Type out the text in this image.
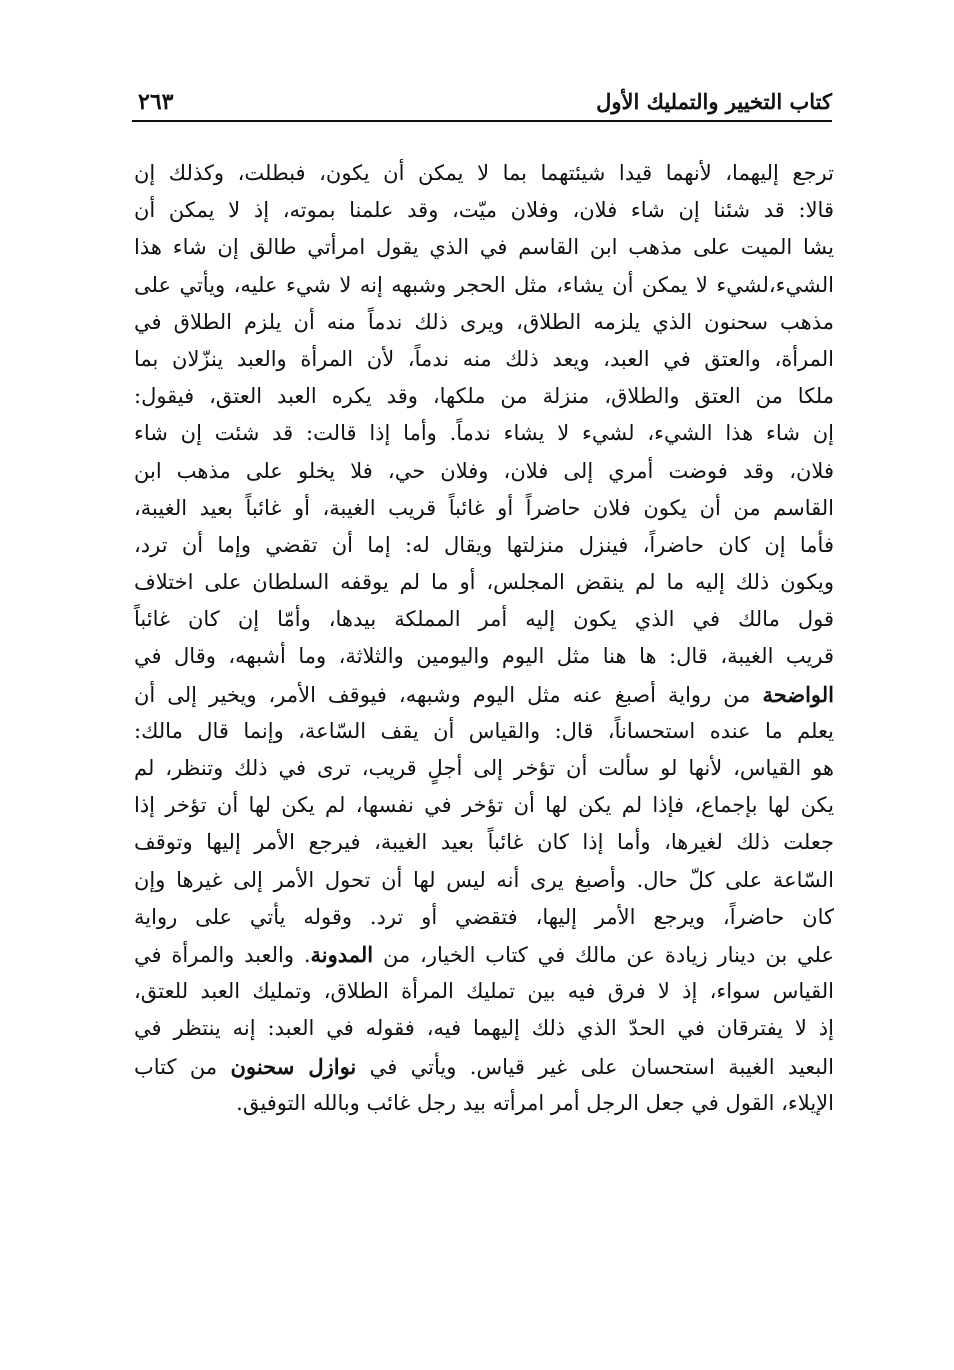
كتاب التخيير والتمليك الأول
٢٦٣
ترجع إليهما، لأنهما قيدا شيئتهما بما لا يمكن أن يكون، فبطلت، وكذلك إن
قالا: قد شئنا إن شاء فلان، وفلان ميّت، وقد علمنا بموته، إذ لا يمكن أن
يشا الميت على مذهب ابن القاسم في الذي يقول امرأتي طالق إن شاء هذا
الشيء،لشيء لا يمكن أن يشاء، مثل الحجر وشبهه إنه لا شيء عليه، ويأتي على
مذهب سحنون الذي يلزمه الطلاق، ويرى ذلك ندماً منه أن يلزم الطلاق في
المرأة، والعتق في العبد، ويعد ذلك منه ندماً، لأن المرأة والعبد ينزّلان بما
ملكا من العتق والطلاق، منزلة من ملكها، وقد يكره العبد العتق، فيقول:
إن شاء هذا الشيء، لشيء لا يشاء ندماً. وأما إذا قالت: قد شئت إن شاء
فلان، وقد فوضت أمري إلى فلان، وفلان حي، فلا يخلو على مذهب ابن
القاسم من أن يكون فلان حاضراً أو غائباً قريب الغيبة، أو غائباً بعيد الغيبة،
فأما إن كان حاضراً، فينزل منزلتها ويقال له: إما أن تقضي وإما أن ترد،
ويكون ذلك إليه ما لم ينقض المجلس، أو ما لم يوقفه السلطان على اختلاف
قول مالك في الذي يكون إليه أمر المملكة بيدها، وأمّا إن كان غائباً
قريب الغيبة، قال: ها هنا مثل اليوم واليومين والثلاثة، وما أشبهه، وقال في
الواضحة من رواية أصبغ عنه مثل اليوم وشبهه، فيوقف الأمر، ويخير إلى أن
يعلم ما عنده استحساناً، قال: والقياس أن يقف السّاعة، وإنما قال مالك:
هو القياس، لأنها لو سألت أن تؤخر إلى أجلٍ قريب، ترى في ذلك وتنظر، لم
يكن لها بإجماع، فإذا لم يكن لها أن تؤخر في نفسها، لم يكن لها أن تؤخر إذا
جعلت ذلك لغيرها، وأما إذا كان غائباً بعيد الغيبة، فيرجع الأمر إليها وتوقف
السّاعة على كلّ حال. وأصبغ يرى أنه ليس لها أن تحول الأمر إلى غيرها وإن
كان حاضراً، ويرجع الأمر إليها، فتقضي أو ترد. وقوله يأتي على رواية
علي بن دينار زيادة عن مالك في كتاب الخيار، من المدونة. والعبد والمرأة في
القياس سواء، إذ لا فرق فيه بين تمليك المرأة الطلاق، وتمليك العبد للعتق،
إذ لا يفترقان في الحدّ الذي ذلك إليهما فيه، فقوله في العبد: إنه ينتظر في
البعيد الغيبة استحسان على غير قياس. ويأتي في نوازل سحنون من كتاب
الإيلاء، القول في جعل الرجل أمر امرأته بيد رجل غائب وبالله التوفيق.
